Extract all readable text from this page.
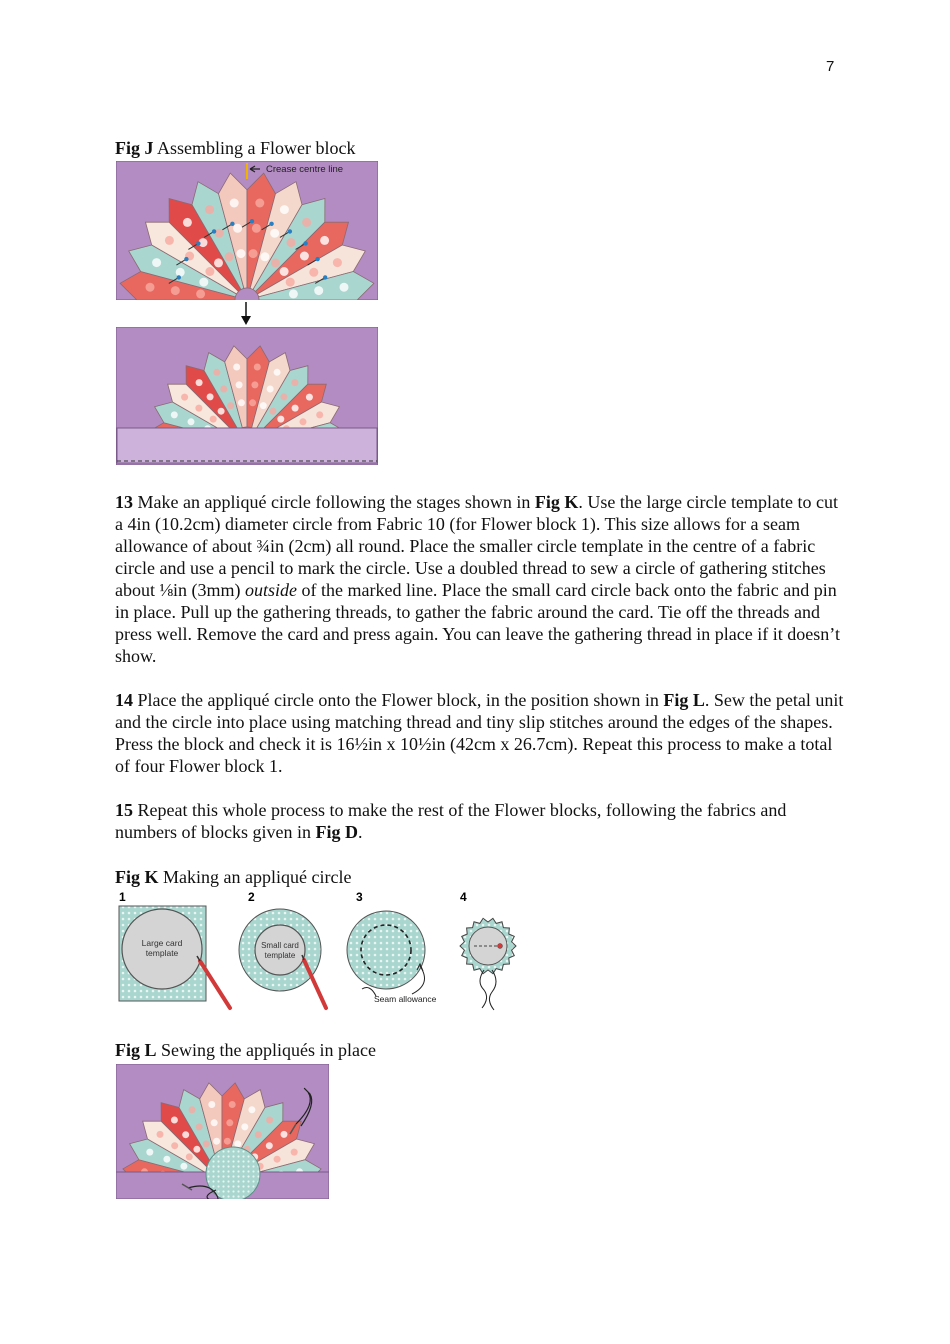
7
Fig J Assembling a Flower block
Crease centre line

13 Make an appliqué circle following the stages shown in Fig K. Use the large circle template to cut a 4in (10.2cm) diameter circle from Fabric 10 (for Flower block 1). This size allows for a seam allowance of about ¾in (2cm) all round. Place the smaller circle template in the centre of a fabric circle and use a pencil to mark the circle. Use a doubled thread to sew a circle of gathering stitches about ⅛in (3mm) outside of the marked line. Place the small card circle back onto the fabric and pin in place. Pull up the gathering threads, to gather the fabric around the card. Tie off the threads and press well. Remove the card and press again. You can leave the gathering thread in place if it doesn’t show.

14 Place the appliqué circle onto the Flower block, in the position shown in Fig L. Sew the petal unit and the circle into place using matching thread and tiny slip stitches around the edges of the shapes. Press the block and check it is 16½in x 10½in (42cm x 26.7cm). Repeat this process to make a total of four Flower block 1.

15 Repeat this whole process to make the rest of the Flower blocks, following the fabrics and numbers of blocks given in Fig D.

Fig K Making an appliqué circle
1	2	3	4
Large card
template
Small card
template
Seam allowance
Fig L Sewing the appliqués in place
